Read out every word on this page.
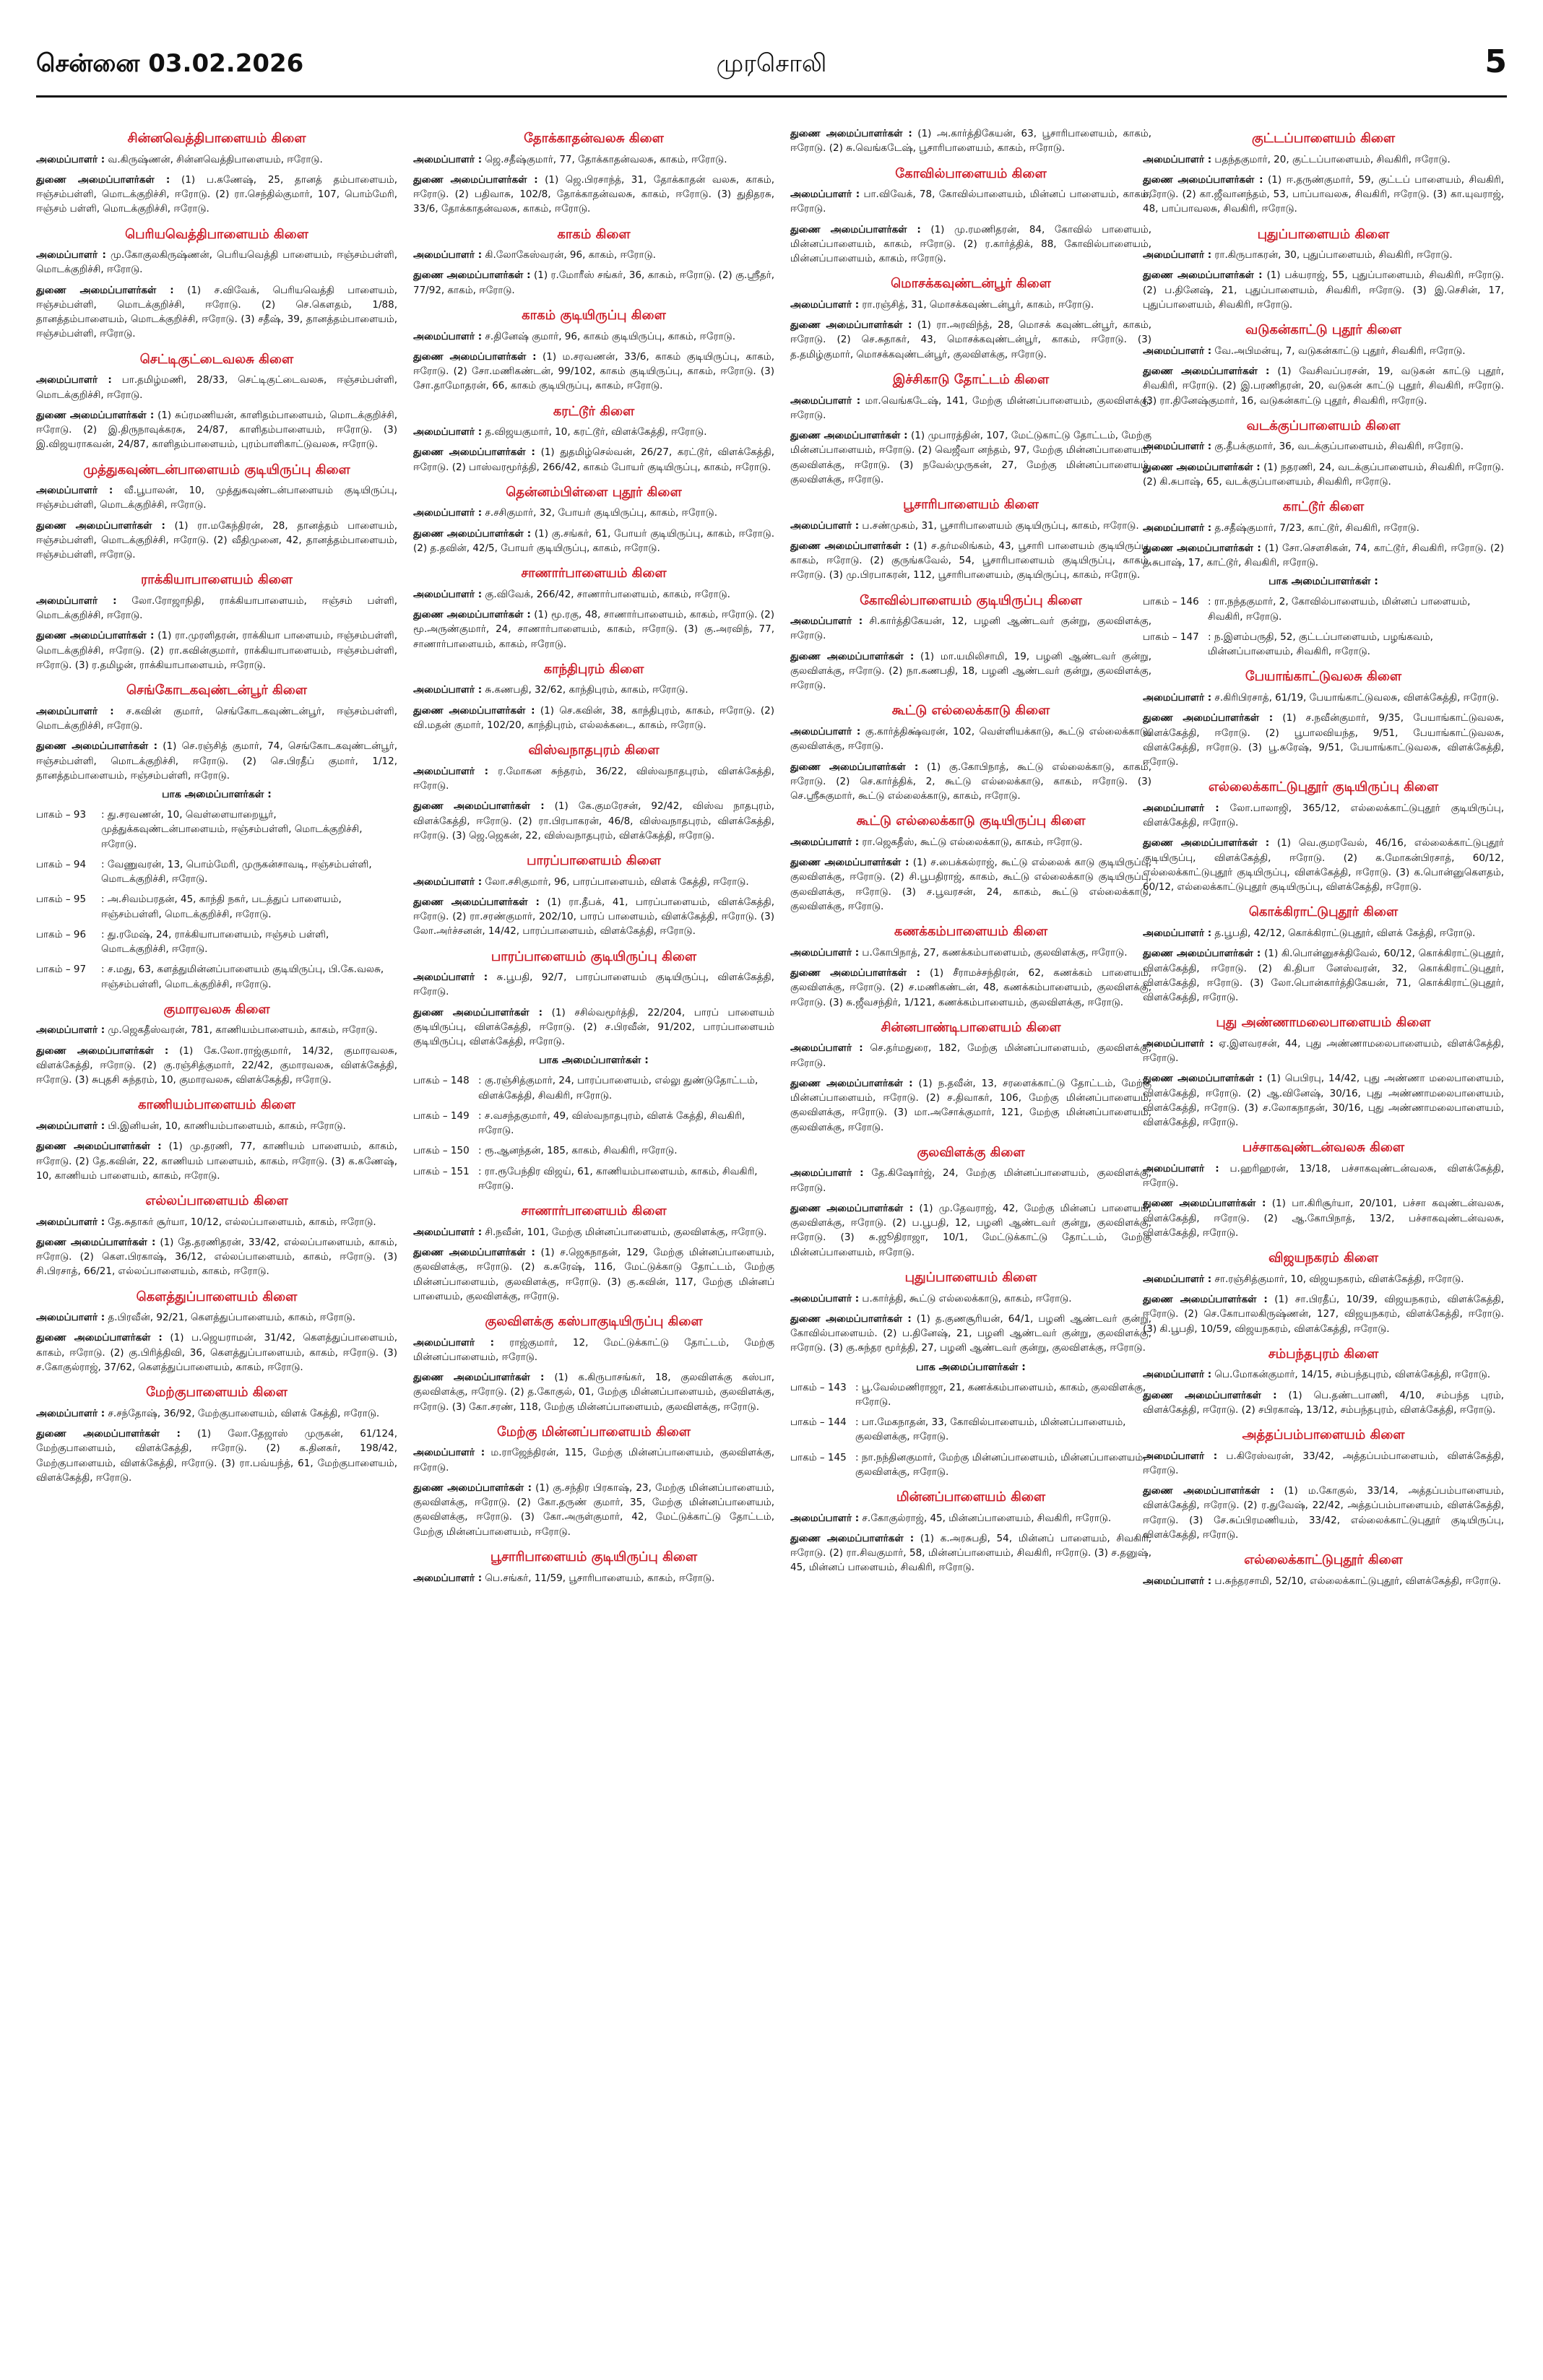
சென்னை 03.02.2026	முரசொலி	5
சின்னவெத்திபாளையம் கிளை

அமைப்பாளர் : வ.கிருஷ்ணன், சின்னவெத்திபாளையம், ஈரோடு.

துணை அமைப்பாளர்கள் : (1) ப.கணேஷ், 25, தானத் தம்பாளையம், ஈஞ்சம்பள்ளி, மொடக்குறிச்சி, ஈரோடு. (2) ரா.செந்தில்குமார், 107, பொம்மேரி, ஈஞ்சம் பள்ளி, மொடக்குறிச்சி, ஈரோடு.

பெரியவெத்திபாளையம் கிளை

அமைப்பாளர் : மு.கோகுலகிருஷ்ணன், பெரியவெத்தி பாளையம், ஈஞ்சம்பள்ளி, மொடக்குறிச்சி, ஈரோடு.

துணை அமைப்பாளர்கள் : (1) ச.விவேக், பெரியவெத்தி பாளையம், ஈஞ்சம்பள்ளி, மொடக்குறிச்சி, ஈரோடு. (2) செ.கௌதம், 1/88, தானத்தம்பாளையம், மொடக்குறிச்சி, ஈரோடு. (3) சதீஷ், 39, தானத்தம்பாளையம், ஈஞ்சம்பள்ளி, ஈரோடு.

செட்டிகுட்டைவலசு கிளை

அமைப்பாளர் : பா.தமிழ்மணி, 28/33, செட்டிகுட்டைவலசு, ஈஞ்சம்பள்ளி, மொடக்குறிச்சி, ஈரோடு.

துணை அமைப்பாளர்கள் : (1) சுப்ரமணியன், காளிதம்பாளையம், மொடக்குறிச்சி, ஈரோடு. (2) இ.திருநாவுக்கரசு, 24/87, காளிதம்பாளையம், ஈரோடு. (3) இ.விஜயராகவன், 24/87, காளிதம்பாளையம், புரம்பாளிகாட்டுவலசு, ஈரோடு.

முத்துகவுண்டன்பாளையம் குடியிருப்பு கிளை

அமைப்பாளர் : வீ.பூபாலன், 10, முத்துகவுண்டன்பாளையம் குடியிருப்பு, ஈஞ்சம்பள்ளி, மொடக்குறிச்சி, ஈரோடு.

துணை அமைப்பாளர்கள் : (1) ரா.மகேந்திரன், 28, தானத்தம் பாளையம், ஈஞ்சம்பள்ளி, மொடக்குறிச்சி, ஈரோடு. (2) வீதிமுனை, 42, தானத்தம்பாளையம், ஈஞ்சம்பள்ளி, ஈரோடு.

ராக்கியாபாளையம் கிளை

அமைப்பாளர் : லோ.ரோஜாநிதி, ராக்கியாபாளையம், ஈஞ்சம் பள்ளி, மொடக்குறிச்சி, ஈரோடு.

துணை அமைப்பாளர்கள் : (1) ரா.முரளிதரன், ராக்கியா பாளையம், ஈஞ்சம்பள்ளி, மொடக்குறிச்சி, ஈரோடு. (2) ரா.கவின்குமார், ராக்கியாபாளையம், ஈஞ்சம்பள்ளி, ஈரோடு. (3) ர.தமிழன், ராக்கியாபாளையம், ஈரோடு.

செங்கோடகவுண்டன்பூர் கிளை

அமைப்பாளர் : ச.கவின் குமார், செங்கோடகவுண்டன்பூர், ஈஞ்சம்பள்ளி, மொடக்குறிச்சி, ஈரோடு.

துணை அமைப்பாளர்கள் : (1) செ.ரஞ்சித் குமார், 74, செங்கோடகவுண்டன்பூர், ஈஞ்சம்பள்ளி, மொடக்குறிச்சி, ஈரோடு. (2) செ.பிரதீப் குமார், 1/12, தானத்தம்பாளையம், ஈஞ்சம்பள்ளி, ஈரோடு.

பாக அமைப்பாளர்கள் :
பாகம் – 93	: து.சரவணன், 10, வெள்ளையாறையூர், முத்துக்கவுண்டன்பாளையம், ஈஞ்சம்பள்ளி, மொடக்குறிச்சி, ஈரோடு.
பாகம் – 94	: வேணுவரன், 13, பொம்மேரி, முருகன்சாவடி, ஈஞ்சம்பள்ளி, மொடக்குறிச்சி, ஈரோடு.
பாகம் – 95	: அ.சிவம்பரதன், 45, காந்தி நகர், படத்துப் பாளையம், ஈஞ்சம்பள்ளி, மொடக்குறிச்சி, ஈரோடு.
பாகம் – 96	: து.ரமேஷ், 24, ராக்கியாபாளையம், ஈஞ்சம் பள்ளி, மொடக்குறிச்சி, ஈரோடு.
பாகம் – 97	: ச.மது, 63, களத்துமின்னப்பாளையம் குடியிருப்பு, பி.கே.வலசு, ஈஞ்சம்பள்ளி, மொடக்குறிச்சி, ஈரோடு.
குமாரவலசு கிளை

அமைப்பாளர் : மு.ஜெகதீஸ்வரன், 781, காணியம்பாளையம், காகம், ஈரோடு.

துணை அமைப்பாளர்கள் : (1) கே.லோ.ராஜ்குமார், 14/32, குமாரவலசு, விளக்கேத்தி, ஈரோடு. (2) கு.ரஞ்சித்குமார், 22/42, குமாரவலசு, விளக்கேத்தி, ஈரோடு. (3) சுபுதசி சுந்தரம், 10, குமாரவலசு, விளக்கேத்தி, ஈரோடு.

காணியம்பாளையம் கிளை

அமைப்பாளர் : பி.இனியன், 10, காணியம்பாளையம், காகம், ஈரோடு.

துணை அமைப்பாளர்கள் : (1) மு.தரணி, 77, காணியம் பாளையம், காகம், ஈரோடு. (2) தே.கவின், 22, காணியம் பாளையம், காகம், ஈரோடு. (3) க.கணேஷ், 10, காணியம் பாளையம், காகம், ஈரோடு.

எல்லப்பாளையம் கிளை

அமைப்பாளர் : தே.சுதாகர் சூர்யா, 10/12, எல்லப்பாளையம், காகம், ஈரோடு.

துணை அமைப்பாளர்கள் : (1) தே.தரணிதரன், 33/42, எல்லப்பாளையம், காகம், ஈரோடு. (2) கௌ.பிரகாஷ், 36/12, எல்லப்பாளையம், காகம், ஈரோடு. (3) சி.பிரசாத், 66/21, எல்லப்பாளையம், காகம், ஈரோடு.

கௌத்துப்பாளையம் கிளை

அமைப்பாளர் : த.பிரவீன், 92/21, கௌத்துப்பாளையம், காகம், ஈரோடு.

துணை அமைப்பாளர்கள் : (1) ப.ஜெயராமன், 31/42, கௌத்துப்பாளையம், காகம், ஈரோடு. (2) கு.பிரித்திவி, 36, கௌத்துப்பாளையம், காகம், ஈரோடு. (3) ச.கோகுல்ராஜ், 37/62, கௌத்துப்பாளையம், காகம், ஈரோடு.

மேற்குபாளையம் கிளை

அமைப்பாளர் : ச.சந்தோஷ், 36/92, மேற்குபாளையம், விளக் கேத்தி, ஈரோடு.

துணை அமைப்பாளர்கள் : (1) லோ.தேஜாஸ் முருகன், 61/124, மேற்குபாளையம், விளக்கேத்தி, ஈரோடு. (2) க.தினகர், 198/42, மேற்குபாளையம், விளக்கேத்தி, ஈரோடு. (3) ரா.பவ்யந்த், 61, மேற்குபாளையம், விளக்கேத்தி, ஈரோடு.

தோக்காதன்வலசு கிளை

அமைப்பாளர் : ஜெ.சதீஷ்குமார், 77, தோக்காதன்வலசு, காகம், ஈரோடு.

துணை அமைப்பாளர்கள் : (1) ஜெ.பிரசாந்த், 31, தோக்காதன் வலசு, காகம், ஈரோடு. (2) பதிவாசு, 102/8, தோக்காதன்வலசு, காகம், ஈரோடு. (3) துதிதரசு, 33/6, தோக்காதன்வலசு, காகம், ஈரோடு.

காகம் கிளை

அமைப்பாளர் : கி.லோகேஸ்வரன், 96, காகம், ஈரோடு.

துணை அமைப்பாளர்கள் : (1) ர.மோரீஸ் சங்கர், 36, காகம், ஈரோடு. (2) கு.ஸ்ரீதர், 77/92, காகம், ஈரோடு.

காகம் குடியிருப்பு கிளை

அமைப்பாளர் : ச.தினேஷ் குமார், 96, காகம் குடியிருப்பு, காகம், ஈரோடு.

துணை அமைப்பாளர்கள் : (1) ம.சரவணன், 33/6, காகம் குடியிருப்பு, காகம், ஈரோடு. (2) சோ.மணிகண்டன், 99/102, காகம் குடியிருப்பு, காகம், ஈரோடு. (3) சோ.தாமோதரன், 66, காகம் குடியிருப்பு, காகம், ஈரோடு.

கரட்டூர் கிளை

அமைப்பாளர் : த.விஜயகுமார், 10, கரட்டூர், விளக்கேத்தி, ஈரோடு.

துணை அமைப்பாளர்கள் : (1) துதமிழ்செல்வன், 26/27, கரட்டூர், விளக்கேத்தி, ஈரோடு. (2) பாஸ்வரமூர்த்தி, 266/42, காகம் போயர் குடியிருப்பு, காகம், ஈரோடு.

தென்னம்பிள்ளை புதூர் கிளை

அமைப்பாளர் : ச.சசிகுமார், 32, போயர் குடியிருப்பு, காகம், ஈரோடு.

துணை அமைப்பாளர்கள் : (1) கு.சங்கர், 61, போயர் குடியிருப்பு, காகம், ஈரோடு. (2) த.தவின், 42/5, போயர் குடியிருப்பு, காகம், ஈரோடு.

சாணார்பாளையம் கிளை

அமைப்பாளர் : கு.விவேக், 266/42, சாணார்பாளையம், காகம், ஈரோடு.

துணை அமைப்பாளர்கள் : (1) மூ.ரகு, 48, சாணார்பாளையம், காகம், ஈரோடு. (2) மூ.அருண்குமார், 24, சாணார்பாளையம், காகம், ஈரோடு. (3) கு.அரவிந், 77, சாணார்பாளையம், காகம், ஈரோடு.

காந்திபுரம் கிளை

அமைப்பாளர் : சு.கணபதி, 32/62, காந்திபுரம், காகம், ஈரோடு.

துணை அமைப்பாளர்கள் : (1) செ.கவின், 38, காந்திபுரம், காகம், ஈரோடு. (2) வி.மதன் குமார், 102/20, காந்திபுரம், எல்லக்கடை, காகம், ஈரோடு.

விஸ்வநாதபுரம் கிளை

அமைப்பாளர் : ர.மோகன சுந்தரம், 36/22, விஸ்வநாதபுரம், விளக்கேத்தி, ஈரோடு.

துணை அமைப்பாளர்கள் : (1) கே.குமரேசன், 92/42, விஸ்வ நாதபுரம், விளக்கேத்தி, ஈரோடு. (2) ரா.பிரபாகரன், 46/8, விஸ்வநாதபுரம், விளக்கேத்தி, ஈரோடு. (3) ஜெ.ஜெகன், 22, விஸ்வநாதபுரம், விளக்கேத்தி, ஈரோடு.

பாரப்பாளையம் கிளை

அமைப்பாளர் : லோ.சசிகுமார், 96, பாரப்பாளையம், விளக் கேத்தி, ஈரோடு.

துணை அமைப்பாளர்கள் : (1) ரா.தீபக், 41, பாரப்பாளையம், விளக்கேத்தி, ஈரோடு. (2) ரா.சரண்குமார், 202/10, பாரப் பாளையம், விளக்கேத்தி, ஈரோடு. (3) லோ.அர்ச்சனன், 14/42, பாரப்பாளையம், விளக்கேத்தி, ஈரோடு.

பாரப்பாளையம் குடியிருப்பு கிளை

அமைப்பாளர் : சு.பூபதி, 92/7, பாரப்பாளையம் குடியிருப்பு, விளக்கேத்தி, ஈரோடு.

துணை அமைப்பாளர்கள் : (1) சசில்வமூர்த்தி, 22/204, பாரப் பாளையம் குடியிருப்பு, விளக்கேத்தி, ஈரோடு. (2) ச.பிரவீன், 91/202, பாரப்பாளையம் குடியிருப்பு, விளக்கேத்தி, ஈரோடு.

பாக அமைப்பாளர்கள் :
பாகம் – 148 : கு.ரஞ்சித்குமார், 24, பாரப்பாளையம், எல்லு துண்டுதோட்டம், விளக்கேத்தி, சிவகிரி, ஈரோடு.
பாகம் – 149 : ச.வசந்தகுமார், 49, விஸ்வநாதபுரம், விளக் கேத்தி, சிவகிரி, ஈரோடு.
பாகம் – 150 : ரூ.ஆனந்தன், 185, காகம், சிவகிரி, ஈரோடு.
பாகம் – 151 : ரா.ரூபேந்திர விஜய், 61, காணியம்பாளையம், காகம், சிவகிரி, ஈரோடு.
சாணார்பாளையம் கிளை

அமைப்பாளர் : சி.நவீன், 101, மேற்கு மின்னப்பாளையம், குலவிளக்கு, ஈரோடு.

துணை அமைப்பாளர்கள் : (1) ச.ஜெகநாதன், 129, மேற்கு மின்னப்பாளையம், குலவிளக்கு, ஈரோடு. (2) க.சுரேஷ், 116, மேட்டுக்காடு தோட்டம், மேற்கு மின்னப்பாளையம், குலவிளக்கு, ஈரோடு. (3) கு.கவின், 117, மேற்கு மின்னப் பாளையம், குலவிளக்கு, ஈரோடு.

குலவிளக்கு கஸ்பாகுடியிருப்பு கிளை

அமைப்பாளர் : ராஜ்குமார், 12, மேட்டுக்காட்டு தோட்டம், மேற்கு மின்னப்பாளையம், ஈரோடு.

துணை அமைப்பாளர்கள் : (1) க.கிருபாசங்கர், 18, குலவிளக்கு கஸ்பா, குலவிளக்கு, ஈரோடு. (2) த.கோகுல், 01, மேற்கு மின்னப்பாளையம், குலவிளக்கு, ஈரோடு. (3) கோ.சரண், 118, மேற்கு மின்னப்பாளையம், குலவிளக்கு, ஈரோடு.

மேற்கு மின்னப்பாளையம் கிளை

அமைப்பாளர் : ம.ராஜேந்திரன், 115, மேற்கு மின்னப்பாளையம், குலவிளக்கு, ஈரோடு.

துணை அமைப்பாளர்கள் : (1) கு.சந்திர பிரகாஷ், 23, மேற்கு மின்னப்பாளையம், குலவிளக்கு, ஈரோடு. (2) கோ.தருண் குமார், 35, மேற்கு மின்னப்பாளையம், குலவிளக்கு, ஈரோடு. (3) கோ.அருள்குமார், 42, மேட்டுக்காட்டு தோட்டம், மேற்கு மின்னப்பாளையம், ஈரோடு.

பூசாரிபாளையம் குடியிருப்பு கிளை

அமைப்பாளர் : பெ.சங்கர், 11/59, பூசாரிபாளையம், காகம், ஈரோடு.

துணை அமைப்பாளர்கள் : (1) அ.கார்த்திகேயன், 63, பூசாரிபாளையம், காகம், ஈரோடு. (2) சு.வெங்கடேஷ், பூசாரிபாளையம், காகம், ஈரோடு.

கோவில்பாளையம் கிளை

அமைப்பாளர் : பா.விவேக், 78, கோவில்பாளையம், மின்னப் பாளையம், காகம், ஈரோடு.

துணை அமைப்பாளர்கள் : (1) மு.ரமணிதரன், 84, கோவில் பாளையம், மின்னப்பாளையம், காகம், ஈரோடு. (2) ர.கார்த்திக், 88, கோவில்பாளையம், மின்னப்பாளையம், காகம், ஈரோடு.

மொசக்கவுண்டன்பூர் கிளை

அமைப்பாளர் : ரா.ரஞ்சித், 31, மொசக்கவுண்டன்பூர், காகம், ஈரோடு.

துணை அமைப்பாளர்கள் : (1) ரா.அரவிந்த், 28, மொசக் கவுண்டன்பூர், காகம், ஈரோடு. (2) செ.சுதாகர், 43, மொசக்கவுண்டன்பூர், காகம், ஈரோடு. (3) த.தமிழ்குமார், மொசக்கவுண்டன்பூர், குலவிளக்கு, ஈரோடு.

இச்சிகாடு தோட்டம் கிளை

அமைப்பாளர் : மா.வெங்கடேஷ், 141, மேற்கு மின்னப்பாளையம், குலவிளக்கு, ஈரோடு.

துணை அமைப்பாளர்கள் : (1) முபாரத்தின், 107, மேட்டுகாட்டு தோட்டம், மேற்கு மின்னப்பாளையம், ஈரோடு. (2) வெஜீவா னந்தம், 97, மேற்கு மின்னப்பாளையம், குலவிளக்கு, ஈரோடு. (3) நவேல்முருகன், 27, மேற்கு மின்னப்பாளையம், குலவிளக்கு, ஈரோடு.

பூசாரிபாளையம் கிளை

அமைப்பாளர் : ப.சண்முகம், 31, பூசாரிபாளையம் குடியிருப்பு, காகம், ஈரோடு.

துணை அமைப்பாளர்கள் : (1) ச.தர்மலிங்கம், 43, பூசாரி பாளையம் குடியிருப்பு, காகம், ஈரோடு. (2) குருங்கவேல், 54, பூசாரிபாளையம் குடியிருப்பு, காகம், ஈரோடு. (3) மு.பிரபாகரன், 112, பூசாரிபாளையம், குடியிருப்பு, காகம், ஈரோடு.

கோவில்பாளையம் குடியிருப்பு கிளை

அமைப்பாளர் : சி.கார்த்திகேயன், 12, பழனி ஆண்டவர் குன்று, குலவிளக்கு, ஈரோடு.

துணை அமைப்பாளர்கள் : (1) மா.யமிலிசாமி, 19, பழனி ஆண்டவர் குன்று, குலவிளக்கு, ஈரோடு. (2) நா.கணபதி, 18, பழனி ஆண்டவர் குன்று, குலவிளக்கு, ஈரோடு.

கூட்டு எல்லைக்காடு கிளை

அமைப்பாளர் : கு.கார்த்திக்ஷ்வரன், 102, வெள்ளியக்காடு, கூட்டு எல்லைக்காடு, குலவிளக்கு, ஈரோடு.

துணை அமைப்பாளர்கள் : (1) கு.கோபிநாத், கூட்டு எல்லைக்காடு, காகம், ஈரோடு. (2) செ.கார்த்திக், 2, கூட்டு எல்லைக்காடு, காகம், ஈரோடு. (3) செ.ஸ்ரீசுகுமார், கூட்டு எல்லைக்காடு, காகம், ஈரோடு.

கூட்டு எல்லைக்காடு குடியிருப்பு கிளை

அமைப்பாளர் : ரா.ஜெகதீஸ், கூட்டு எல்லைக்காடு, காகம், ஈரோடு.

துணை அமைப்பாளர்கள் : (1) ச.பைக்கல்ராஜ், கூட்டு எல்லைக் காடு குடியிருப்பு, குலவிளக்கு, ஈரோடு. (2) சி.பூபதிராஜ், காகம், கூட்டு எல்லைக்காடு குடியிருப்பு, குலவிளக்கு, ஈரோடு. (3) ச.பூவரசன், 24, காகம், கூட்டு எல்லைக்காடு, குலவிளக்கு, ஈரோடு.

கணக்கம்பாளையம் கிளை

அமைப்பாளர் : ப.கோபிநாத், 27, கணக்கம்பாளையம், குலவிளக்கு, ஈரோடு.

துணை அமைப்பாளர்கள் : (1) சீராமச்சந்திரன், 62, கணக்கம் பாளையம், குலவிளக்கு, ஈரோடு. (2) ச.மணிகண்டன், 48, கணக்கம்பாளையம், குலவிளக்கு, ஈரோடு. (3) சு.ஜீவசந்திர், 1/121, கணக்கம்பாளையம், குலவிளக்கு, ஈரோடு.

சின்னபாண்டிபாளையம் கிளை

அமைப்பாளர் : செ.தர்மதுரை, 182, மேற்கு மின்னப்பாளையம், குலவிளக்கு, ஈரோடு.

துணை அமைப்பாளர்கள் : (1) ந.தவீன், 13, சரளைக்காட்டு தோட்டம், மேற்கு மின்னப்பாளையம், ஈரோடு. (2) ச.திவாகர், 106, மேற்கு மின்னப்பாளையம், குலவிளக்கு, ஈரோடு. (3) மா.அசோக்குமார், 121, மேற்கு மின்னப்பாளையம், குலவிளக்கு, ஈரோடு.

குலவிளக்கு கிளை

அமைப்பாளர் : தே.கிஷோர்ஜ், 24, மேற்கு மின்னப்பாளையம், குலவிளக்கு, ஈரோடு.

துணை அமைப்பாளர்கள் : (1) மு.தேவராஜ், 42, மேற்கு மின்னப் பாளையம், குலவிளக்கு, ஈரோடு. (2) ப.பூபதி, 12, பழனி ஆண்டவர் குன்று, குலவிளக்கு, ஈரோடு. (3) சு.ஜூதிராஜா, 10/1, மேட்டுக்காட்டு தோட்டம், மேற்கு மின்னப்பாளையம், ஈரோடு.

புதுப்பாளையம் கிளை

அமைப்பாளர் : ப.கார்த்தி, கூட்டு எல்லைக்காடு, காகம், ஈரோடு.

துணை அமைப்பாளர்கள் : (1) த.குணசூரியன், 64/1, பழனி ஆண்டவர் குன்று, கோவில்பாளையம். (2) ப.தினேஷ், 21, பழனி ஆண்டவர் குன்று, குலவிளக்கு, ஈரோடு. (3) கு.சுந்தர மூர்த்தி, 27, பழனி ஆண்டவர் குன்று, குலவிளக்கு, ஈரோடு.

பாக அமைப்பாளர்கள் :
பாகம் – 143 : பூ.வேல்மணிராஜா, 21, கணக்கம்பாளையம், காகம், குலவிளக்கு, ஈரோடு.
பாகம் – 144 : பா.மேகநாதன், 33, கோவில்பாளையம், மின்னப்பாளையம், குலவிளக்கு, ஈரோடு.
பாகம் – 145 : நா.நந்தினகுமார், மேற்கு மின்னப்பாளையம், மின்னப்பாளையம், குலவிளக்கு, ஈரோடு.
மின்னப்பாளையம் கிளை

அமைப்பாளர் : ச.கோகுல்ராஜ், 45, மின்னப்பாளையம், சிவகிரி, ஈரோடு.

துணை அமைப்பாளர்கள் : (1) க.அரசுபதி, 54, மின்னப் பாளையம், சிவகிரி, ஈரோடு. (2) ரா.சிவகுமார், 58, மின்னப்பாளையம், சிவகிரி, ஈரோடு. (3) ச.தனுஷ், 45, மின்னப் பாளையம், சிவகிரி, ஈரோடு.

குட்டப்பாளையம் கிளை

அமைப்பாளர் : பதந்தகுமார், 20, குட்டப்பாளையம், சிவகிரி, ஈரோடு.

துணை அமைப்பாளர்கள் : (1) ஈ.தருண்குமார், 59, குட்டப் பாளையம், சிவகிரி, ஈரோடு. (2) கா.ஜீவானந்தம், 53, பாப்பாவலசு, சிவகிரி, ஈரோடு. (3) கா.யுவராஜ், 48, பாப்பாவலசு, சிவகிரி, ஈரோடு.

புதுப்பாளையம் கிளை

அமைப்பாளர் : ரா.கிருபாகரன், 30, புதுப்பாளையம், சிவகிரி, ஈரோடு.

துணை அமைப்பாளர்கள் : (1) பக்யராஜ், 55, புதுப்பாளையம், சிவகிரி, ஈரோடு. (2) ப.தினேஷ், 21, புதுப்பாளையம், சிவகிரி, ஈரோடு. (3) இ.செசின், 17, புதுப்பாளையம், சிவகிரி, ஈரோடு.

வடுகன்காட்டு புதூர் கிளை

அமைப்பாளர் : வே.அபிமன்யு, 7, வடுகன்காட்டு புதூர், சிவகிரி, ஈரோடு.

துணை அமைப்பாளர்கள் : (1) வேசிவப்பரசன், 19, வடுகன் காட்டு புதூர், சிவகிரி, ஈரோடு. (2) இ.பரணிதரன், 20, வடுகன் காட்டு புதூர், சிவகிரி, ஈரோடு. (3) ரா.தினேஷ்குமார், 16, வடுகன்காட்டு புதூர், சிவகிரி, ஈரோடு.

வடக்குப்பாளையம் கிளை

அமைப்பாளர் : கு.தீபக்குமார், 36, வடக்குப்பாளையம், சிவகிரி, ஈரோடு.

துணை அமைப்பாளர்கள் : (1) நதரணி, 24, வடக்குப்பாளையம், சிவகிரி, ஈரோடு. (2) கி.சுபாஷ், 65, வடக்குப்பாளையம், சிவகிரி, ஈரோடு.

காட்டூர் கிளை

அமைப்பாளர் : த.சதீஷ்குமார், 7/23, காட்டூர், சிவகிரி, ஈரோடு.

துணை அமைப்பாளர்கள் : (1) சோ.சௌசிகன், 74, காட்டூர், சிவகிரி, ஈரோடு. (2) த.சுபாஷ், 17, காட்டூர், சிவகிரி, ஈரோடு.

பாக அமைப்பாளர்கள் :
பாகம் – 146 : ரா.நந்தகுமார், 2, கோவில்பாளையம், மின்னப் பாளையம், சிவகிரி, ஈரோடு.
பாகம் – 147 : ந.இளம்பருதி, 52, குட்டப்பாளையம், பழங்கவம், மின்னப்பாளையம், சிவகிரி, ஈரோடு.
பேயாங்காட்டுவலசு கிளை

அமைப்பாளர் : ச.கிரிபிரசாத், 61/19, பேயாங்காட்டுவலசு, விளக்கேத்தி, ஈரோடு.

துணை அமைப்பாளர்கள் : (1) ச.நவீன்குமார், 9/35, பேயாங்காட்டுவலசு, விளக்கேத்தி, ஈரோடு. (2) பூபாலவியந்த, 9/51, பேயாங்காட்டுவலசு, விளக்கேத்தி, ஈரோடு. (3) பூ.சுரேஷ், 9/51, பேயாங்காட்டுவலசு, விளக்கேத்தி, ஈரோடு.

எல்லைக்காட்டுபுதூர் குடியிருப்பு கிளை

அமைப்பாளர் : லோ.பாலாஜி, 365/12, எல்லைக்காட்டுபுதூர் குடியிருப்பு, விளக்கேத்தி, ஈரோடு.

துணை அமைப்பாளர்கள் : (1) வெ.குமரவேல், 46/16, எல்லைக்காட்டுபுதூர் குடியிருப்பு, விளக்கேத்தி, ஈரோடு. (2) க.மோகன்பிரசாத், 60/12, எல்லைக்காட்டுபுதூர் குடியிருப்பு, விளக்கேத்தி, ஈரோடு. (3) க.பொன்னுகௌதம், 60/12, எல்லைக்காட்டுபுதூர் குடியிருப்பு, விளக்கேத்தி, ஈரோடு.

கொக்கிராட்டுபுதூர் கிளை

அமைப்பாளர் : த.பூபதி, 42/12, கொக்கிராட்டுபுதூர், விளக் கேத்தி, ஈரோடு.

துணை அமைப்பாளர்கள் : (1) கி.பொன்னுசக்திவேல், 60/12, கொக்கிராட்டுபுதூர், விளக்கேத்தி, ஈரோடு. (2) கி.திபா னேஸ்வரன், 32, கொக்கிராட்டுபுதூர், விளக்கேத்தி, ஈரோடு. (3) லோ.பொன்கார்த்திகேயன், 71, கொக்கிராட்டுபுதூர், விளக்கேத்தி, ஈரோடு.

புது அண்ணாமலைபாளையம் கிளை

அமைப்பாளர் : ஏ.இளவரசன், 44, புது அண்ணாமலைபாளையம், விளக்கேத்தி, ஈரோடு.

துணை அமைப்பாளர்கள் : (1) பெபிரபு, 14/42, புது அண்ணா மலைபாளையம், விளக்கேத்தி, ஈரோடு. (2) ஆ.வினேஷ், 30/16, புது அண்ணாமலைபாளையம், விளக்கேத்தி, ஈரோடு. (3) ச.லோகநாதன், 30/16, புது அண்ணாமலைபாளையம், விளக்கேத்தி, ஈரோடு.

பச்சாகவுண்டன்வலசு கிளை

அமைப்பாளர் : ப.ஹரிஹரன், 13/18, பச்சாகவுண்டன்வலசு, விளக்கேத்தி, ஈரோடு.

துணை அமைப்பாளர்கள் : (1) பா.கிரிசூர்யா, 20/101, பச்சா கவுண்டன்வலசு, விளக்கேத்தி, ஈரோடு. (2) ஆ.கோபிநாத், 13/2, பச்சாகவுண்டன்வலசு, விளக்கேத்தி, ஈரோடு.

விஜயநகரம் கிளை

அமைப்பாளர் : சா.ரஞ்சித்குமார், 10, விஜயநகரம், விளக்கேத்தி, ஈரோடு.

துணை அமைப்பாளர்கள் : (1) சா.பிரதீப், 10/39, விஜயநகரம், விளக்கேத்தி, ஈரோடு. (2) செ.கோபாலகிருஷ்ணன், 127, விஜயநகரம், விளக்கேத்தி, ஈரோடு. (3) கி.பூபதி, 10/59, விஜயநகரம், விளக்கேத்தி, ஈரோடு.

சம்பந்தபுரம் கிளை

அமைப்பாளர் : பெ.மோகன்குமார், 14/15, சம்பந்தபுரம், விளக்கேத்தி, ஈரோடு.

துணை அமைப்பாளர்கள் : (1) பெ.தண்டபாணி, 4/10, சம்பந்த புரம், விளக்கேத்தி, ஈரோடு. (2) சபிரகாஷ், 13/12, சம்பந்தபுரம், விளக்கேத்தி, ஈரோடு.

அத்தப்பம்பாளையம் கிளை

அமைப்பாளர் : ப.கிரேஸ்வரன், 33/42, அத்தப்பம்பாளையம், விளக்கேத்தி, ஈரோடு.

துணை அமைப்பாளர்கள் : (1) ம.கோகுல், 33/14, அத்தப்பம்பாளையம், விளக்கேத்தி, ஈரோடு. (2) ர.துவேஷ், 22/42, அத்தப்பம்பாளையம், விளக்கேத்தி, ஈரோடு. (3) சே.சுப்பிரமணியம், 33/42, எல்லைக்காட்டுபுதூர் குடியிருப்பு, விளக்கேத்தி, ஈரோடு.

எல்லைக்காட்டுபுதூர் கிளை

அமைப்பாளர் : ப.சுந்தரசாமி, 52/10, எல்லைக்காட்டுபுதூர், விளக்கேத்தி, ஈரோடு.
